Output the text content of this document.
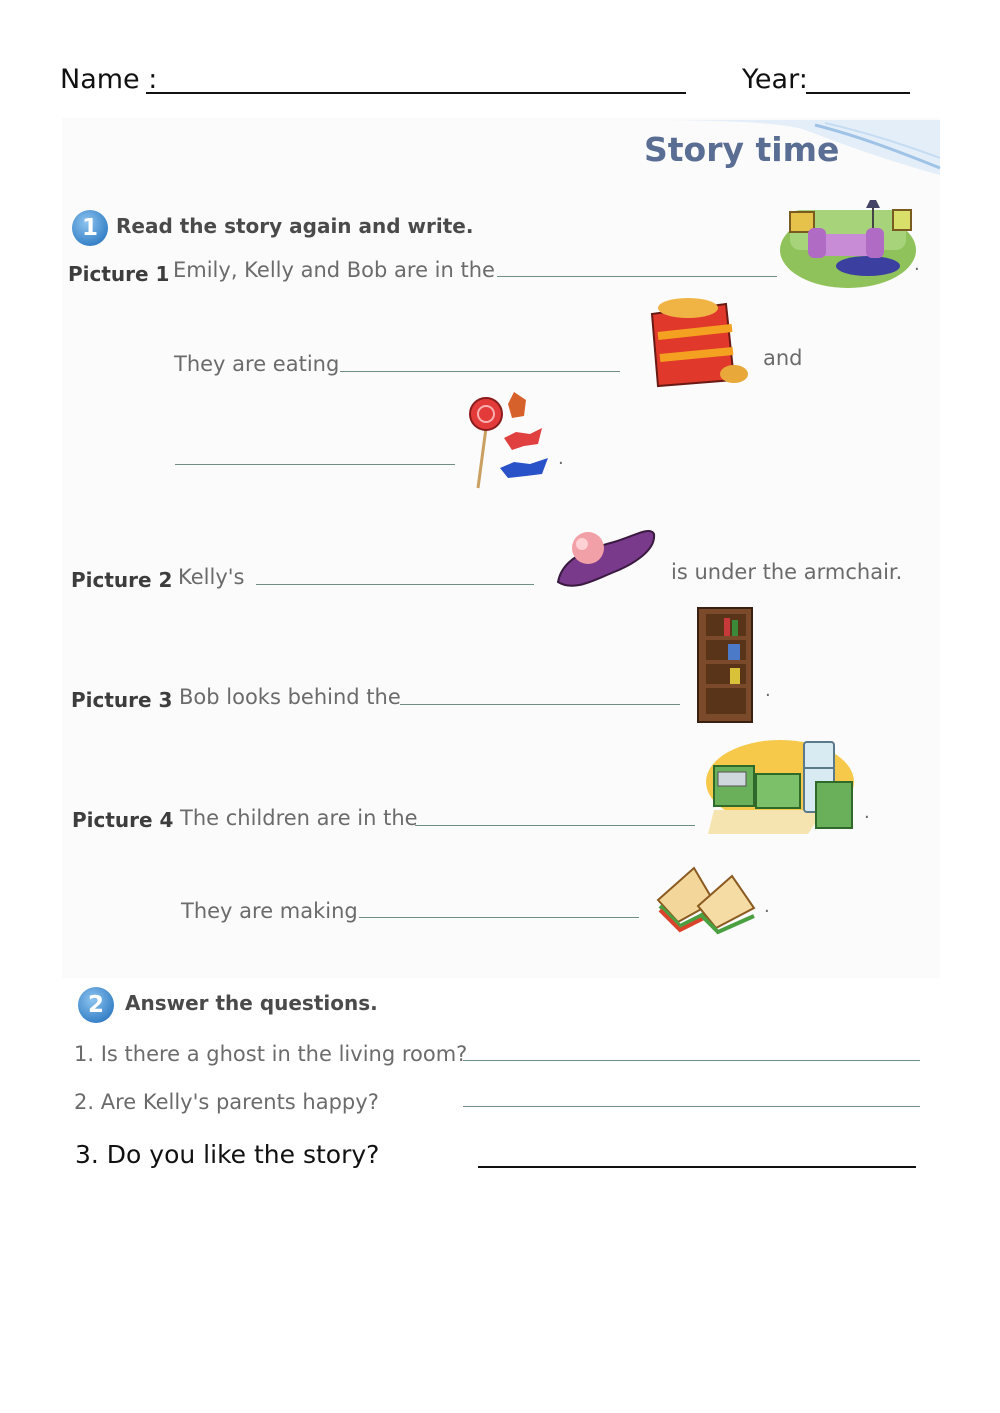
Name :	Year:
Story time
1 Read the story again and write.
Picture 1 Emily, Kelly and Bob are in the	.
They are eating	and
.
Picture 2 Kelly's	is under the armchair.
Picture 3 Bob looks behind the	.
Picture 4 The children are in the	.
They are making	.
2	Answer the questions.
1. Is there a ghost in the living room?
2. Are Kelly's parents happy?
3. Do you like the story?
